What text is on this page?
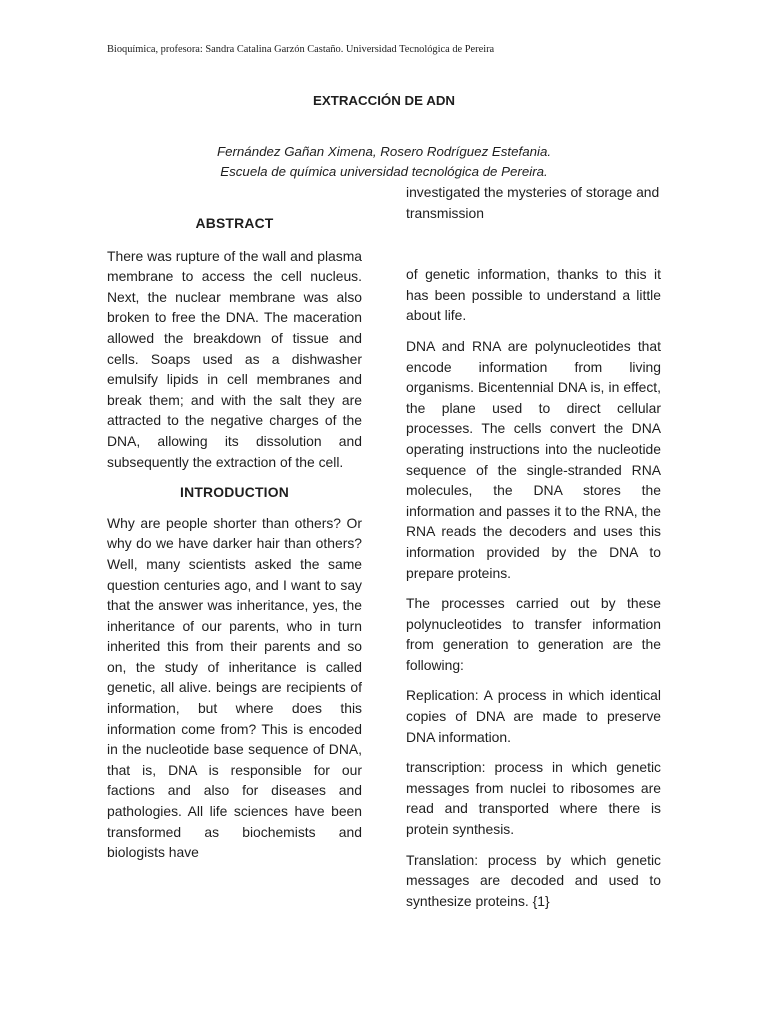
Bioquímica, profesora: Sandra Catalina Garzón Castaño. Universidad Tecnológica de Pereira
EXTRACCIÓN DE ADN
Fernández Gañan Ximena, Rosero Rodríguez Estefania.
Escuela de química universidad tecnológica de Pereira.
ABSTRACT

There was rupture of the wall and plasma membrane to access the cell nucleus. Next, the nuclear membrane was also broken to free the DNA. The maceration allowed the breakdown of tissue and cells. Soaps used as a dishwasher emulsify lipids in cell membranes and break them; and with the salt they are attracted to the negative charges of the DNA, allowing its dissolution and subsequently the extraction of the cell.

INTRODUCTION

Why are people shorter than others? Or why do we have darker hair than others? Well, many scientists asked the same question centuries ago, and I want to say that the answer was inheritance, yes, the inheritance of our parents, who in turn inherited this from their parents and so on, the study of inheritance is called genetic, all alive. beings are recipients of information, but where does this information come from? This is encoded in the nucleotide base sequence of DNA, that is, DNA is responsible for our factions and also for diseases and pathologies. All life sciences have been transformed as biochemists and biologists have

investigated the mysteries of storage and transmission

of genetic information, thanks to this it has been possible to understand a little about life.

DNA and RNA are polynucleotides that encode information from living organisms. Bicentennial DNA is, in effect, the plane used to direct cellular processes. The cells convert the DNA operating instructions into the nucleotide sequence of the single-stranded RNA molecules, the DNA stores the information and passes it to the RNA, the RNA reads the decoders and uses this information provided by the DNA to prepare proteins.

The processes carried out by these polynucleotides to transfer information from generation to generation are the following:

Replication: A process in which identical copies of DNA are made to preserve DNA information.

transcription: process in which genetic messages from nuclei to ribosomes are read and transported where there is protein synthesis.

Translation: process by which genetic messages are decoded and used to synthesize proteins. {1}
